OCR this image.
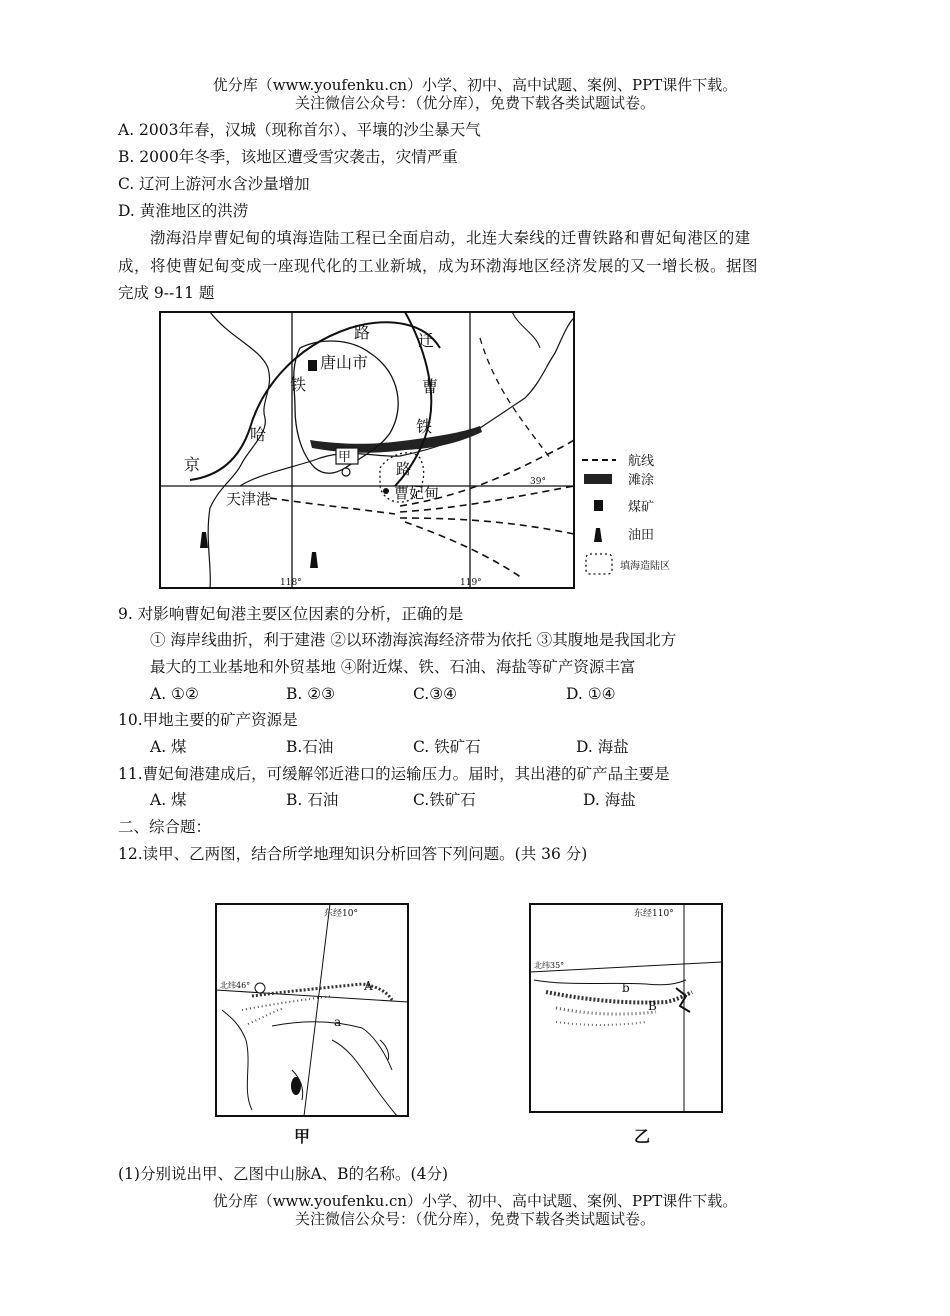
优分库（www.youfenku.cn）小学、初中、高中试题、案例、PPT课件下载。
关注微信公众号：（优分库），免费下载各类试题试卷。
A. 2003年春，汉城（现称首尔）、平壤的沙尘暴天气
B. 2000年冬季，该地区遭受雪灾袭击，灾情严重
C. 辽河上游河水含沙量增加
D. 黄淮地区的洪涝
渤海沿岸曹妃甸的填海造陆工程已全面启动，北连大秦线的迁曹铁路和曹妃甸港区的建
成，将使曹妃甸变成一座现代化的工业新城，成为环渤海地区经济发展的又一增长极。据图
完成 9--11 题
路	迁
唐山市
曹
铁
铁
哈
京	甲
路
曹妃甸
天津港
39°
118°	119°
航线
滩涂
煤矿
油田
填海造陆区
9. 对影响曹妃甸港主要区位因素的分析，正确的是
① 海岸线曲折，利于建港 ②以环渤海滨海经济带为依托 ③其腹地是我国北方
最大的工业基地和外贸基地 ④附近煤、铁、石油、海盐等矿产资源丰富
A. ①②	B. ②③	C.③④	D. ①④
10.甲地主要的矿产资源是
A. 煤	B.石油	C. 铁矿石	D. 海盐
11.曹妃甸港建成后，可缓解邻近港口的运输压力。届时，其出港的矿产品主要是
A. 煤	B. 石油	C.铁矿石	D. 海盐
二、综合题：
12.读甲、乙两图，结合所学地理知识分析回答下列问题。(共 36 分)
东经10°
北纬46°	A
a
甲
东经110°
北纬35°
b
B
乙
(1)分别说出甲、乙图中山脉A、B的名称。(4分)
优分库（www.youfenku.cn）小学、初中、高中试题、案例、PPT课件下载。
关注微信公众号：（优分库），免费下载各类试题试卷。
